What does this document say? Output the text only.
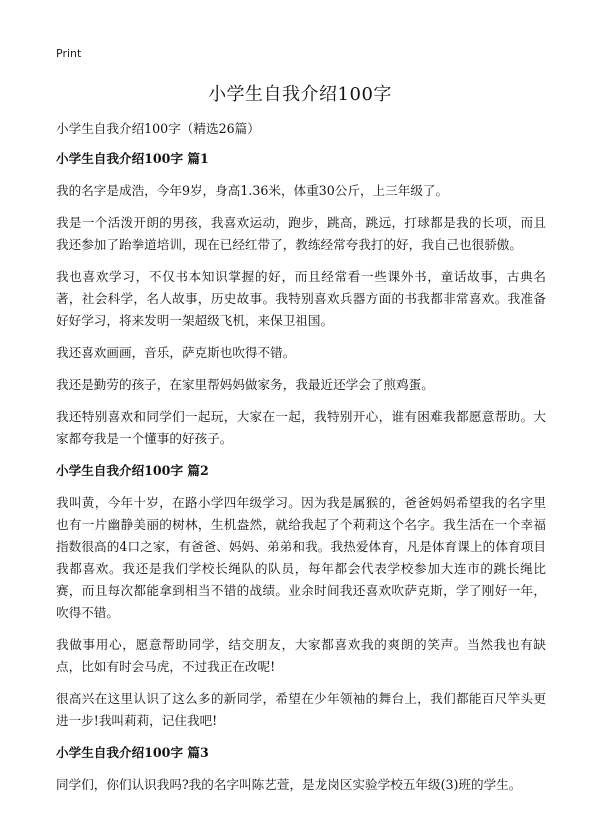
Print
小学生自我介绍100字

小学生自我介绍100字（精选26篇）

小学生自我介绍100字 篇1

我的名字是成浩，今年9岁，身高1.36米，体重30公斤，上三年级了。

我是一个活泼开朗的男孩，我喜欢运动，跑步，跳高，跳远，打球都是我的长项，而且我还参加了跆拳道培训，现在已经红带了，教练经常夸我打的好，我自己也很骄傲。

我也喜欢学习，不仅书本知识掌握的好，而且经常看一些课外书，童话故事，古典名著，社会科学，名人故事，历史故事。我特别喜欢兵器方面的书我都非常喜欢。我准备好好学习，将来发明一架超级飞机，来保卫祖国。

我还喜欢画画，音乐，萨克斯也吹得不错。

我还是勤劳的孩子，在家里帮妈妈做家务，我最近还学会了煎鸡蛋。

我还特别喜欢和同学们一起玩，大家在一起，我特别开心，谁有困难我都愿意帮助。大家都夸我是一个懂事的好孩子。

小学生自我介绍100字 篇2

我叫黄，今年十岁，在路小学四年级学习。因为我是属猴的，爸爸妈妈希望我的名字里也有一片幽静美丽的树林，生机盎然，就给我起了个莉莉这个名字。我生活在一个幸福指数很高的4口之家，有爸爸、妈妈、弟弟和我。我热爱体育，凡是体育课上的体育项目我都喜欢。我还是我们学校长绳队的队员，每年都会代表学校参加大连市的跳长绳比赛，而且每次都能拿到相当不错的战绩。业余时间我还喜欢吹萨克斯，学了刚好一年，吹得不错。

我做事用心，愿意帮助同学，结交朋友，大家都喜欢我的爽朗的笑声。当然我也有缺点，比如有时会马虎，不过我正在改呢!

很高兴在这里认识了这么多的新同学，希望在少年领袖的舞台上，我们都能百尺竿头更进一步!我叫莉莉，记住我吧!

小学生自我介绍100字 篇3

同学们，你们认识我吗?我的名字叫陈艺萱，是龙岗区实验学校五年级(3)班的学生。
